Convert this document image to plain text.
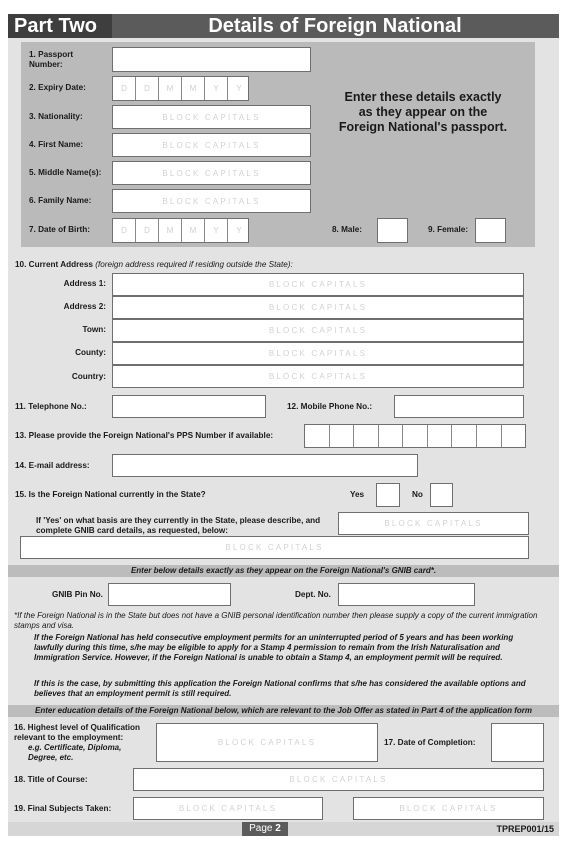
Part Two	Details of Foreign National
1. Passport Number:
2. Expiry Date:	D	D	M	M	Y	Y
3. Nationality:	BLOCK CAPITALS
4. First Name:	BLOCK CAPITALS
5. Middle Name(s):	BLOCK CAPITALS
6. Family Name:	BLOCK CAPITALS
7. Date of Birth:	D	D	M	M	Y	Y	8. Male:	9. Female:
Enter these details exactly as they appear on the Foreign National's passport.
10. Current Address (foreign address required if residing outside the State):
Address 1:	BLOCK CAPITALS
Address 2:	BLOCK CAPITALS
Town:	BLOCK CAPITALS
County:	BLOCK CAPITALS
Country:	BLOCK CAPITALS
11. Telephone No.:	12. Mobile Phone No.:
13. Please provide the Foreign National's PPS Number if available:
14. E-mail address:
15. Is the Foreign National currently in the State?	Yes	No
If 'Yes' on what basis are they currently in the State, please describe, and complete GNIB card details, as requested, below:
BLOCK CAPITALS
BLOCK CAPITALS
Enter below details exactly as they appear on the Foreign National's GNIB card*.
GNIB Pin No.	Dept. No.
*If the Foreign National is in the State but does not have a GNIB personal identification number then please supply a copy of the current immigration stamps and visa.
If the Foreign National has held consecutive employment permits for an uninterrupted period of 5 years and has been working lawfully during this time, s/he may be eligible to apply for a Stamp 4 permission to remain from the Irish Naturalisation and Immigration Service. However, if the Foreign National is unable to obtain a Stamp 4, an employment permit will be required.
If this is the case, by submitting this application the Foreign National confirms that s/he has considered the available options and believes that an employment permit is still required.
Enter education details of the Foreign National below, which are relevant to the Job Offer as stated in Part 4 of the application form
16. Highest level of Qualification relevant to the employment:
e.g. Certificate, Diploma, Degree, etc.
BLOCK CAPITALS	17. Date of Completion:
18. Title of Course:	BLOCK CAPITALS
19. Final Subjects Taken:	BLOCK CAPITALS	BLOCK CAPITALS
Page 2	TPREP001/15
